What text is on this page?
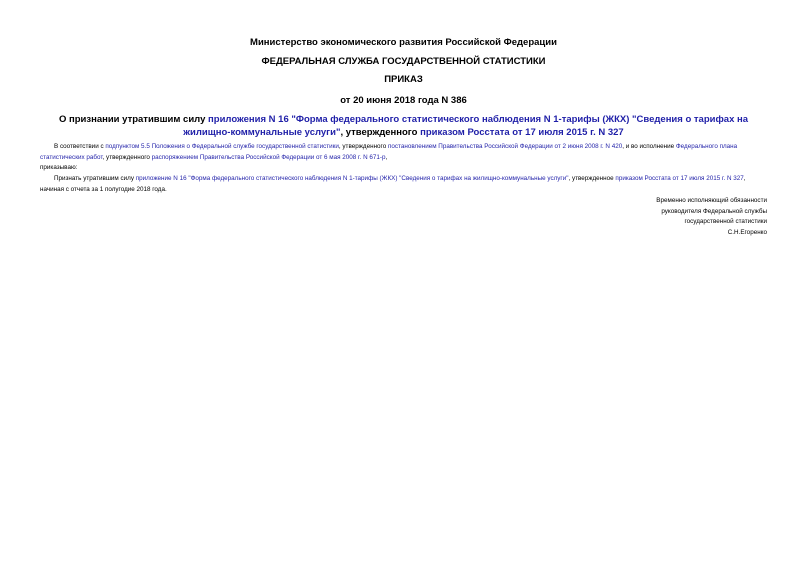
Министерство экономического развития Российской Федерации
ФЕДЕРАЛЬНАЯ СЛУЖБА ГОСУДАРСТВЕННОЙ СТАТИСТИКИ
ПРИКАЗ
от 20 июня 2018 года N 386
О признании утратившим силу приложения N 16 "Форма федерального статистического наблюдения N 1-тарифы (ЖКХ) "Сведения о тарифах на жилищно-коммунальные услуги", утвержденного приказом Росстата от 17 июля 2015 г. N 327
В соответствии с подпунктом 5.5 Положения о Федеральной службе государственной статистики, утвержденного постановлением Правительства Российской Федерации от 2 июня 2008 г. N 420, и во исполнение Федерального плана статистических работ, утвержденного распоряжением Правительства Российской Федерации от 6 мая 2008 г. N 671-р,
приказываю:
Признать утратившим силу приложение N 16 "Форма федерального статистического наблюдения N 1-тарифы (ЖКХ) "Сведения о тарифах на жилищно-коммунальные услуги", утвержденное приказом Росстата от 17 июля 2015 г. N 327, начиная с отчета за 1 полугодие 2018 года.
Временно исполняющий обязанности
руководителя Федеральной службы
государственной статистики
С.Н.Егоренко
